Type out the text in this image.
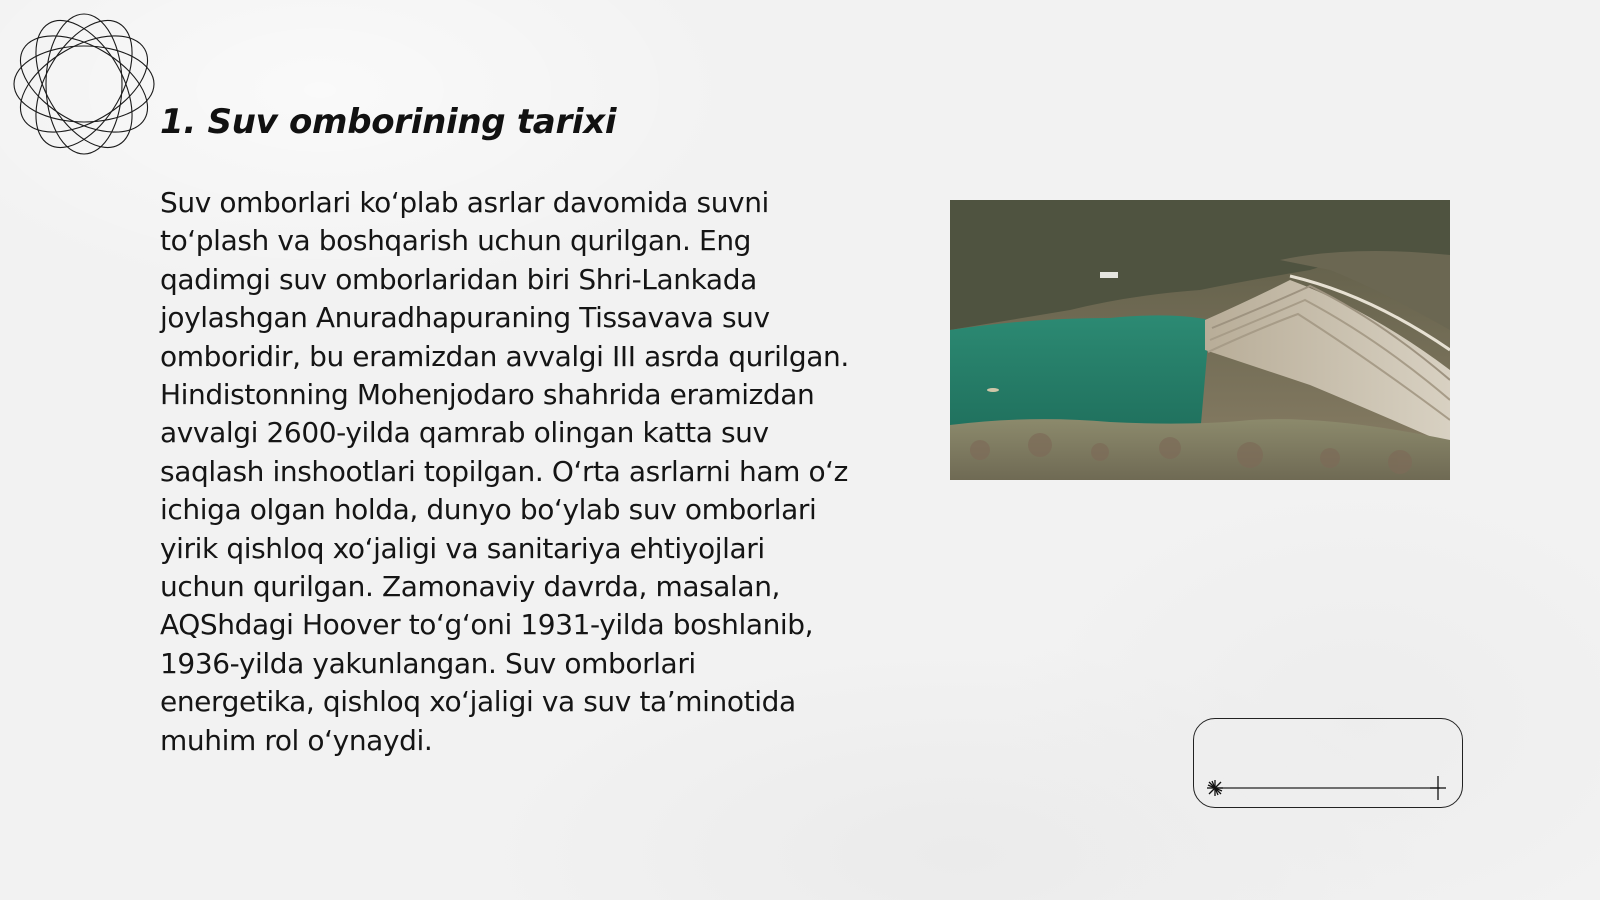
1. Suv omborining tarixi

Suv omborlari ko‘plab asrlar davomida suvni to‘plash va boshqarish uchun qurilgan. Eng qadimgi suv omborlaridan biri Shri-Lankada joylashgan Anuradhapuraning Tissavava suv omboridir, bu eramizdan avvalgi III asrda qurilgan. Hindistonning Mohenjodaro shahrida eramizdan avvalgi 2600-yilda qamrab olingan katta suv saqlash inshootlari topilgan. O‘rta asrlarni ham o‘z ichiga olgan holda, dunyo bo‘ylab suv omborlari yirik qishloq xo‘jaligi va sanitariya ehtiyojlari uchun qurilgan. Zamonaviy davrda, masalan, AQShdagi Hoover to‘g‘oni 1931-yilda boshlanib, 1936-yilda yakunlangan. Suv omborlari energetika, qishloq xo‘jaligi va suv ta’minotida muhim rol o‘ynaydi.
